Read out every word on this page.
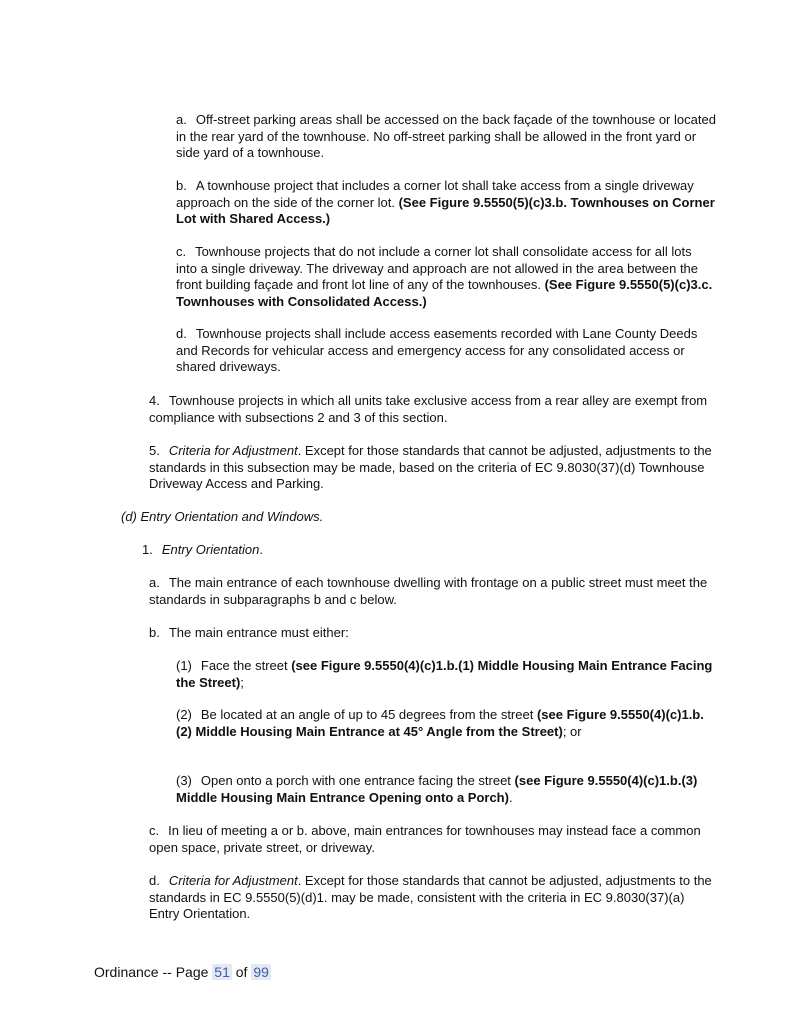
a. Off-street parking areas shall be accessed on the back façade of the townhouse or located in the rear yard of the townhouse. No off-street parking shall be allowed in the front yard or side yard of a townhouse.

b. A townhouse project that includes a corner lot shall take access from a single driveway approach on the side of the corner lot. (See Figure 9.5550(5)(c)3.b. Townhouses on Corner Lot with Shared Access.)

c. Townhouse projects that do not include a corner lot shall consolidate access for all lots into a single driveway. The driveway and approach are not allowed in the area between the front building façade and front lot line of any of the townhouses. (See Figure 9.5550(5)(c)3.c. Townhouses with Consolidated Access.)

d. Townhouse projects shall include access easements recorded with Lane County Deeds and Records for vehicular access and emergency access for any consolidated access or shared driveways.

4. Townhouse projects in which all units take exclusive access from a rear alley are exempt from compliance with subsections 2 and 3 of this section.

5. Criteria for Adjustment. Except for those standards that cannot be adjusted, adjustments to the standards in this subsection may be made, based on the criteria of EC 9.8030(37)(d) Townhouse Driveway Access and Parking.

(d) Entry Orientation and Windows.

1. Entry Orientation.

a. The main entrance of each townhouse dwelling with frontage on a public street must meet the standards in subparagraphs b and c below.

b. The main entrance must either:

(1) Face the street (see Figure 9.5550(4)(c)1.b.(1) Middle Housing Main Entrance Facing the Street);

(2) Be located at an angle of up to 45 degrees from the street (see Figure 9.5550(4)(c)1.b.(2) Middle Housing Main Entrance at 45° Angle from the Street); or

(3) Open onto a porch with one entrance facing the street (see Figure 9.5550(4)(c)1.b.(3) Middle Housing Main Entrance Opening onto a Porch).

c. In lieu of meeting a or b. above, main entrances for townhouses may instead face a common open space, private street, or driveway.

d. Criteria for Adjustment. Except for those standards that cannot be adjusted, adjustments to the standards in EC 9.5550(5)(d)1. may be made, consistent with the criteria in EC 9.8030(37)(a) Entry Orientation.

Ordinance -- Page 51 of 99
